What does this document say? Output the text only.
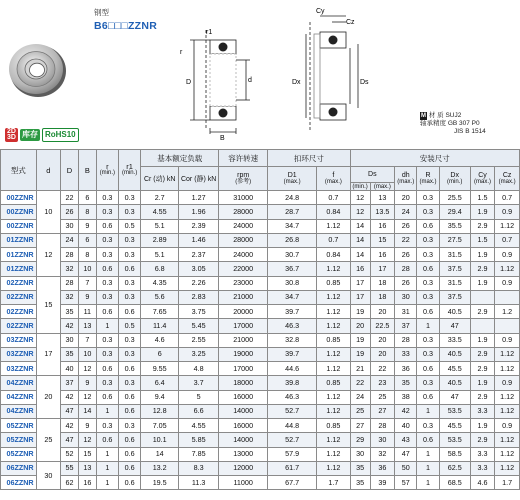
2D
3D 库存 RoHS10
钢型
B6□□□ZZNR
r1
r
D	d
B
Cy
Cz
Dx	Ds
M 材 质 SUJ2
轴承精度 GB 307 P0
JIS B 1514
型式	d	D	B	r
(min.)	r1
(min.)	基本额定负载		容许转速	扣环尺寸		安装尺寸						
						Cr (动) kN	Cor (静) kN	rpm
(参考)	D1
(max.)	f
(max.)	Ds		dh
(max.)	R
(max.)	Dx
(min.)	Cy
(max.)	Cz
(max.)

											(min.)	(max.)					
00ZZNR	10	22	6	0.3	0.3	2.7	1.27	31000	24.8	0.7	12	13	20	0.3	25.5	1.5	0.7
00ZZNR		26	8	0.3	0.3	4.55	1.96	28000	28.7	0.84	12	13.5	24	0.3	29.4	1.9	0.9
00ZZNR		30	9	0.6	0.5	5.1	2.39	24000	34.7	1.12	14	16	26	0.6	35.5	2.9	1.12
01ZZNR	12	24	6	0.3	0.3	2.89	1.46	28000	26.8	0.7	14	15	22	0.3	27.5	1.5	0.7
01ZZNR		28	8	0.3	0.3	5.1	2.37	24000	30.7	0.84	14	16	26	0.3	31.5	1.9	0.9
01ZZNR		32	10	0.6	0.6	6.8	3.05	22000	36.7	1.12	16	17	28	0.6	37.5	2.9	1.12
02ZZNR	15	28	7	0.3	0.3	4.35	2.26	23000	30.8	0.85	17	18	26	0.3	31.5	1.9	0.9
02ZZNR		32	9	0.3	0.3	5.6	2.83	21000	34.7	1.12	17	18	30	0.3	37.5		
02ZZNR		35	11	0.6	0.6	7.65	3.75	20000	39.7	1.12	19	20	31	0.6	40.5	2.9	1.2
02ZZNR		42	13	1	0.5	11.4	5.45	17000	46.3	1.12	20	22.5	37	1	47		
03ZZNR	17	30	7	0.3	0.3	4.6	2.55	21000	32.8	0.85	19	20	28	0.3	33.5	1.9	0.9
03ZZNR		35	10	0.3	0.3	6	3.25	19000	39.7	1.12	19	20	33	0.3	40.5	2.9	1.12
03ZZNR		40	12	0.6	0.6	9.55	4.8	17000	44.6	1.12	21	22	36	0.6	45.5	2.9	1.12
04ZZNR	20	37	9	0.3	0.3	6.4	3.7	18000	39.8	0.85	22	23	35	0.3	40.5	1.9	0.9
04ZZNR		42	12	0.6	0.6	9.4	5	16000	46.3	1.12	24	25	38	0.6	47	2.9	1.12
04ZZNR		47	14	1	0.6	12.8	6.6	14000	52.7	1.12	25	27	42	1	53.5	3.3	1.12
05ZZNR	25	42	9	0.3	0.3	7.05	4.55	16000	44.8	0.85	27	28	40	0.3	45.5	1.9	0.9
05ZZNR		47	12	0.6	0.6	10.1	5.85	14000	52.7	1.12	29	30	43	0.6	53.5	2.9	1.12
05ZZNR		52	15	1	0.6	14	7.85	13000	57.9	1.12	30	32	47	1	58.5	3.3	1.12
06ZZNR	30	55	13	1	0.6	13.2	8.3	12000	61.7	1.12	35	36	50	1	62.5	3.3	1.12
06ZZNR		62	16	1	0.6	19.5	11.3	11000	67.7	1.7	35	39	57	1	68.5	4.6	1.7
